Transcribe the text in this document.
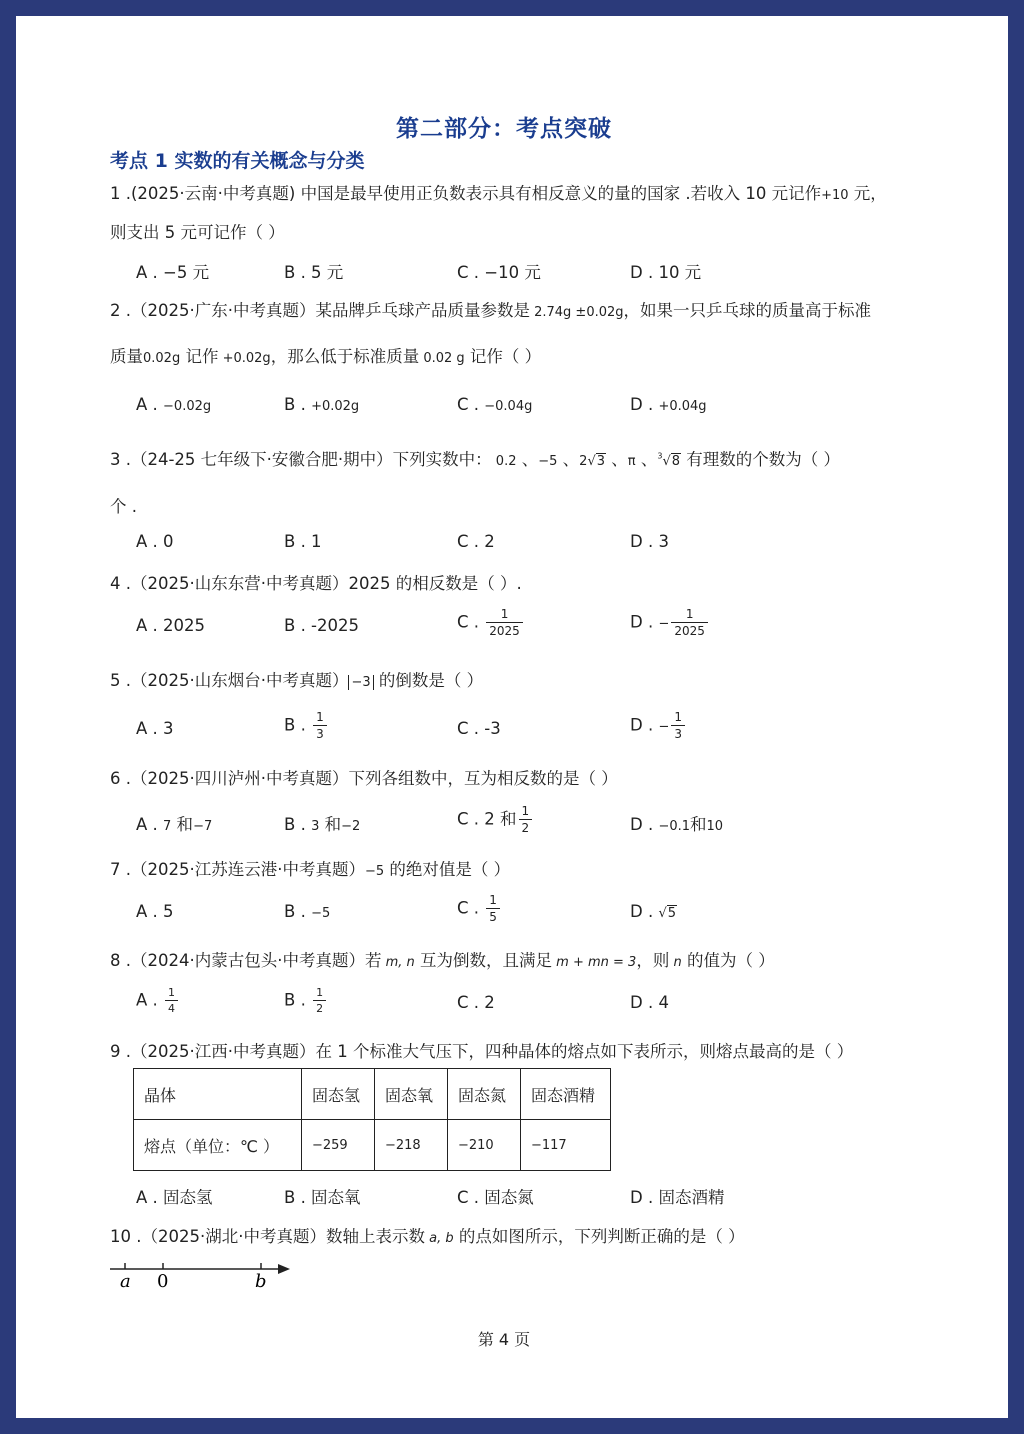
第二部分：考点突破
考点 1 实数的有关概念与分类
1 .(2025·云南·中考真题) 中国是最早使用正负数表示具有相反意义的量的国家 .若收入 10 元记作+10 元，
则支出 5 元可记作（ ）
A . −5 元	B . 5 元	C . −10 元	D . 10 元
2 .（2025·广东·中考真题）某品牌乒乓球产品质量参数是 2.74g ±0.02g，如果一只乒乓球的质量高于标准
质量0.02g 记作 +0.02g，那么低于标准质量 0.02 g 记作（ ）
A . −0.02g	B . +0.02g	C . −0.04g	D . +0.04g
3 .（24-25 七年级下·安徽合肥·期中）下列实数中： 0.2 、−5 、2√3 、π 、$^3$√8 有理数的个数为（ ）
个 .
A . 0	B . 1	C . 2	D . 3
4 .（2025·山东东营·中考真题）2025 的相反数是（ ）.
A . 2025	B . -2025	C . $\frac{1}{2025}$	D . − $\frac{1}{2025}$
5 .（2025·山东烟台·中考真题） −3 的倒数是（ ）
A . 3	B . $\frac{1}{3}$	C . -3	D . − $\frac{1}{3}$
6 .（2025·四川泸州·中考真题）下列各组数中，互为相反数的是（ ）
A . 7 和−7	B . 3 和−2	C . 2 和 $\frac{1}{2}$	D . −0.1和10
7 .（2025·江苏连云港·中考真题）−5 的绝对值是（ ）
A . 5	B . −5	C . $\frac{1}{5}$	D . √5
8 .（2024·内蒙古包头·中考真题）若 m, n 互为倒数，且满足 m + mn = 3，则 n 的值为（ ）
A . $\frac{1}{4}$	B . $\frac{1}{2}$	C . 2	D . 4
9 .（2025·江西·中考真题）在 1 个标准大气压下，四种晶体的熔点如下表所示，则熔点最高的是（ ）
晶体	固态氢	固态氧	固态氮	固态酒精
熔点（单位：℃ ）	−259	−218	−210	−117
A . 固态氢	B . 固态氧	C . 固态氮	D . 固态酒精
10 .（2025·湖北·中考真题）数轴上表示数 a, b 的点如图所示，下列判断正确的是（ ）
a 0	b
第 4 页
